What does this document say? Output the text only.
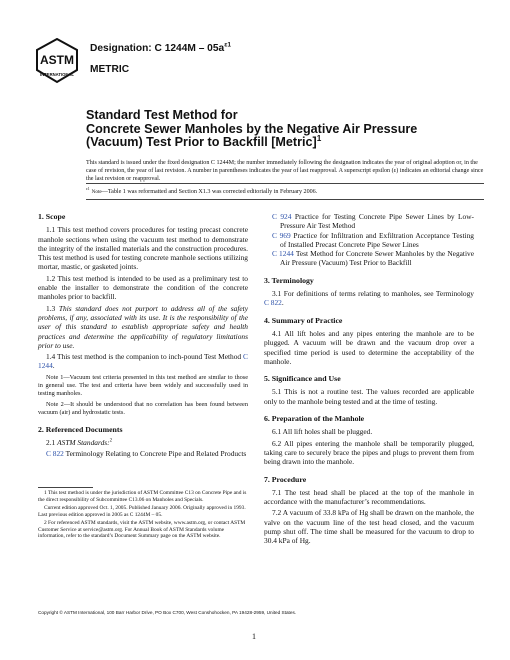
ASTM
INTERNATIONAL
Designation: C $1244M - 05a^{\varepsilon 1}$
METRIC
Standard Test Method for
Concrete Sewer Manholes by the Negative Air Pressure
(Vacuum) Test Prior to Backfill [Metric]$^1$
This standard is issued under the fixed designation C 1244M; the number immediately following the designation indicates the year of original adoption or, in the case of revision, the year of last revision. A number in parentheses indicates the year of last reapproval. A superscript epsilon (ε) indicates an editorial change since the last revision or reapproval.
$^{\varepsilon 1}$Note—Table 1 was reformatted and Section X1.3 was corrected editorially in February 2006.
1. Scope
1.1 This test method covers procedures for testing precast concrete manhole sections when using the vacuum test method to demonstrate the integrity of the installed materials and the construction procedures. This test method is used for testing concrete manhole sections utilizing mortar, mastic, or gasketed joints.
1.2 This test method is intended to be used as a preliminary test to enable the installer to demonstrate the condition of the concrete manholes prior to backfill.
1.3 This standard does not purport to address all of the safety problems, if any, associated with its use. It is the responsibility of the user of this standard to establish appropriate safety and health practices and determine the applicability of regulatory limitations prior to use.
1.4 This test method is the companion to inch-pound Test Method C 1244.
Note 1—Vacuum test criteria presented in this test method are similar to those in general use. The test and criteria have been widely and successfully used in testing manholes.
Note 2—It should be understood that no correlation has been found between vacuum (air) and hydrostatic tests.
2. Referenced Documents
2.1 ASTM Standards:$^2$
C 822 Terminology Relating to Concrete Pipe and Related Products

1 This test method is under the jurisdiction of ASTM Committee C13 on Concrete Pipe and is the direct responsibility of Subcommittee C13.06 on Manholes and Specials.

Current edition approved Oct. 1, 2005. Published January 2006. Originally approved in 1993. Last previous edition approved in 2005 as C 1244M – 05.

2 For referenced ASTM standards, visit the ASTM website, www.astm.org, or contact ASTM Customer Service at service@astm.org. For Annual Book of ASTM Standards volume information, refer to the standard’s Document Summary page on the ASTM website.

C 924 Practice for Testing Concrete Pipe Sewer Lines by Low-Pressure Air Test Method
C 969 Practice for Infiltration and Exfiltration Acceptance Testing of Installed Precast Concrete Pipe Sewer Lines
C 1244 Test Method for Concrete Sewer Manholes by the Negative Air Pressure (Vacuum) Test Prior to Backfill
3. Terminology
3.1 For definitions of terms relating to manholes, see Terminology C 822.
4. Summary of Practice
4.1 All lift holes and any pipes entering the manhole are to be plugged. A vacuum will be drawn and the vacuum drop over a specified time period is used to determine the acceptability of the manhole.
5. Significance and Use
5.1 This is not a routine test. The values recorded are applicable only to the manhole being tested and at the time of testing.
6. Preparation of the Manhole
6.1 All lift holes shall be plugged.
6.2 All pipes entering the manhole shall be temporarily plugged, taking care to securely brace the pipes and plugs to prevent them from being drawn into the manhole.
7. Procedure
7.1 The test head shall be placed at the top of the manhole in accordance with the manufacturer’s recommendations.
7.2 A vacuum of 33.8 kPa of Hg shall be drawn on the manhole, the valve on the vacuum line of the test head closed, and the vacuum pump shut off. The time shall be measured for the vacuum to drop to 30.4 kPa of Hg.
Copyright © ASTM International, 100 Barr Harbor Drive, PO Box C700, West Conshohocken, PA 19428-2959, United States.
1
